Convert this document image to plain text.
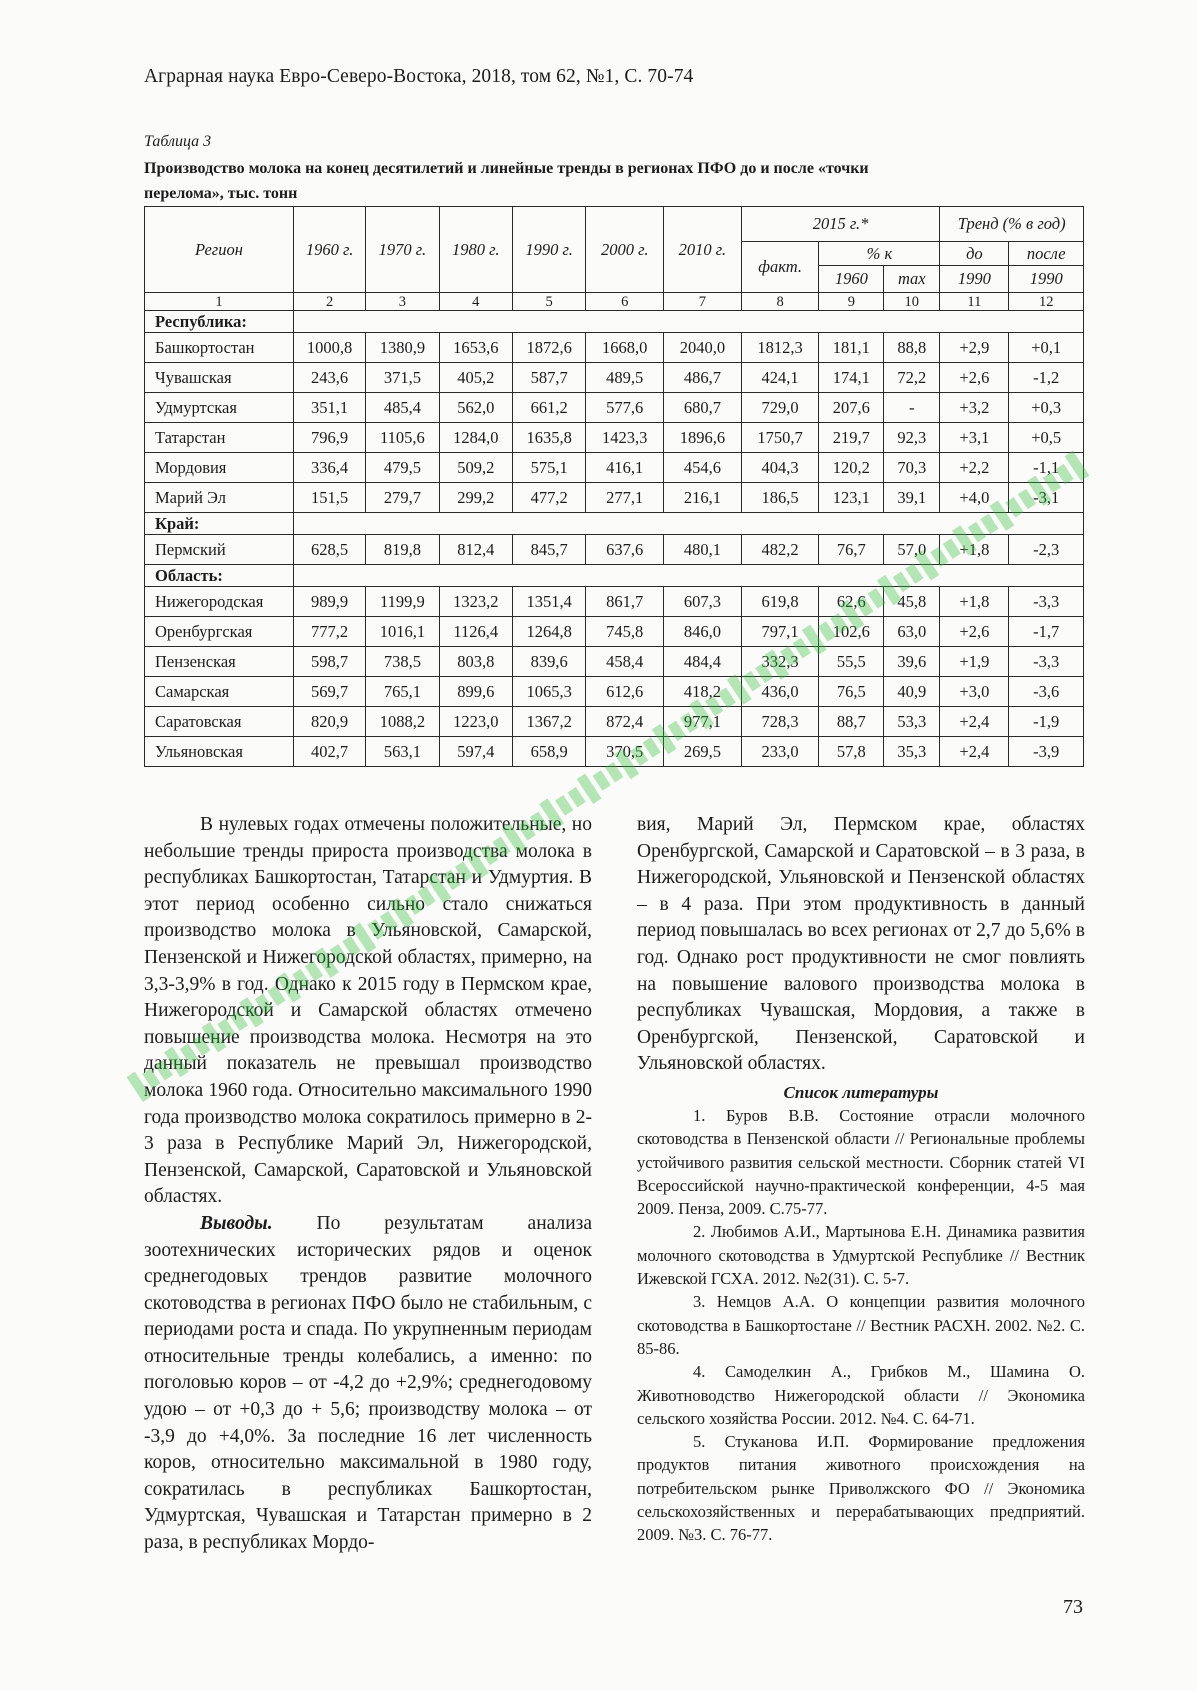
Аграрная наука Евро-Северо-Востока, 2018, том 62, №1, С. 70-74
Таблица 3
Производство молока на конец десятилетий и линейные тренды в регионах ПФО до и после «точки перелома», тыс. тонн
Регион	1960 г.	1970 г.	1980 г.	1990 г.	2000 г.	2010 г.	2015 г.*			Тренд (% в год)	
							факт.	% к		до	после
								1960	max	1990	1990
1	2	3	4	5	6	7	8	9	10	11	12
Республика:											
Башкортостан	1000,8	1380,9	1653,6	1872,6	1668,0	2040,0	1812,3	181,1	88,8	+2,9	+0,1
Чувашская	243,6	371,5	405,2	587,7	489,5	486,7	424,1	174,1	72,2	+2,6	-1,2
Удмуртская	351,1	485,4	562,0	661,2	577,6	680,7	729,0	207,6	-	+3,2	+0,3
Татарстан	796,9	1105,6	1284,0	1635,8	1423,3	1896,6	1750,7	219,7	92,3	+3,1	+0,5
Мордовия	336,4	479,5	509,2	575,1	416,1	454,6	404,3	120,2	70,3	+2,2	-1,1
Марий Эл	151,5	279,7	299,2	477,2	277,1	216,1	186,5	123,1	39,1	+4,0	-3,1
Край:											
Пермский	628,5	819,8	812,4	845,7	637,6	480,1	482,2	76,7	57,0	+1,8	-2,3
Область:											
Нижегородская	989,9	1199,9	1323,2	1351,4	861,7	607,3	619,8	62,6	45,8	+1,8	-3,3
Оренбургская	777,2	1016,1	1126,4	1264,8	745,8	846,0	797,1	102,6	63,0	+2,6	-1,7
Пензенская	598,7	738,5	803,8	839,6	458,4	484,4	332,3	55,5	39,6	+1,9	-3,3
Самарская	569,7	765,1	899,6	1065,3	612,6	418,2	436,0	76,5	40,9	+3,0	-3,6
Саратовская	820,9	1088,2	1223,0	1367,2	872,4	977,1	728,3	88,7	53,3	+2,4	-1,9
Ульяновская	402,7	563,1	597,4	658,9	370,5	269,5	233,0	57,8	35,3	+2,4	-3,9

В нулевых годах отмечены положительные, но небольшие тренды прироста производства молока в республиках Башкортостан, Татарстан и Удмуртия. В этот период особенно сильно стало снижаться производство молока в Ульяновской, Самарской, Пензенской и Нижегородской областях, примерно, на 3,3-3,9% в год. Однако к 2015 году в Пермском крае, Нижегородской и Самарской областях отмечено повышение производства молока. Несмотря на это данный показатель не превышал производство молока 1960 года. Относительно максимального 1990 года производство молока сократилось примерно в 2-3 раза в Республике Марий Эл, Нижегородской, Пензенской, Самарской, Саратовской и Ульяновской областях.

Выводы. По результатам анализа зоотехнических исторических рядов и оценок среднегодовых трендов развитие молочного скотоводства в регионах ПФО было не стабильным, с периодами роста и спада. По укрупненным периодам относительные тренды колебались, а именно: по поголовью коров – от -4,2 до +2,9%; среднегодовому удою – от +0,3 до + 5,6; производству молока – от -3,9 до +4,0%. За последние 16 лет численность коров, относительно максимальной в 1980 году, сократилась в республиках Башкортостан, Удмуртская, Чувашская и Татарстан примерно в 2 раза, в республиках Мордо-

вия, Марий Эл, Пермском крае, областях Оренбургской, Самарской и Саратовской – в 3 раза, в Нижегородской, Ульяновской и Пензенской областях – в 4 раза. При этом продуктивность в данный период повышалась во всех регионах от 2,7 до 5,6% в год. Однако рост продуктивности не смог повлиять на повышение валового производства молока в республиках Чувашская, Мордовия, а также в Оренбургской, Пензенской, Саратовской и Ульяновской областях.

Список литературы

1. Буров В.В. Состояние отрасли молочного скотоводства в Пензенской области // Региональные проблемы устойчивого развития сельской местности. Сборник статей VI Всероссийской научно-практической конференции, 4-5 мая 2009. Пенза, 2009. С.75-77.

2. Любимов А.И., Мартынова Е.Н. Динамика развития молочного скотоводства в Удмуртской Республике // Вестник Ижевской ГСХА. 2012. №2(31). С. 5-7.

3. Немцов А.А. О концепции развития молочного скотоводства в Башкортостане // Вестник РАСХН. 2002. №2. С. 85-86.

4. Самоделкин А., Грибков М., Шамина О. Животноводство Нижегородской области // Экономика сельского хозяйства России. 2012. №4. С. 64-71.

5. Стуканова И.П. Формирование предложения продуктов питания животного происхождения на потребительском рынке Приволжского ФО // Экономика сельскохозяйственных и перерабатывающих предприятий. 2009. №3. С. 76-77.

73
